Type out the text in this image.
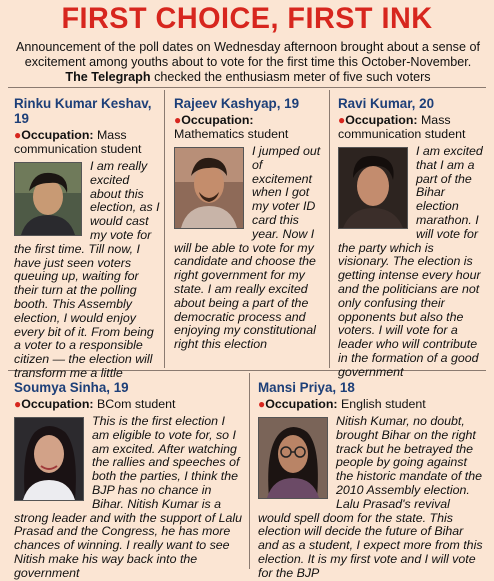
FIRST CHOICE, FIRST INK
Announcement of the poll dates on Wednesday afternoon brought about a sense of excitement among youths about to vote for the first time this October-November. The Telegraph checked the enthusiasm meter of five such voters

Rinku Kumar Keshav, 19

●Occupation: Mass communication student
I am really excited about this election, as I would cast my vote for the first time. Till now, I have just seen voters queuing up, waiting for their turn at the polling booth. This Assembly election, I would enjoy every bit of it. From being a voter to a responsible citizen — the election will transform me a little

Rajeev Kashyap, 19

●Occupation: Mathematics student
I jumped out of excitement when I got my voter ID card this year. Now I will be able to vote for my candidate and choose the right government for my state. I am really excited about being a part of the democratic process and enjoying my constitutional right this election

Ravi Kumar, 20

●Occupation: Mass communication student
I am excited that I am a part of the Bihar election marathon. I will vote for the party which is visionary. The election is getting intense every hour and the politicians are not only confusing their opponents but also the voters. I will vote for a leader who will contribute in the formation of a good government

Soumya Sinha, 19

●Occupation: BCom student
This is the first election I am eligible to vote for, so I am excited. After watching the rallies and speeches of both the parties, I think the BJP has no chance in Bihar. Nitish Kumar is a strong leader and with the support of Lalu Prasad and the Congress, he has more chances of winning. I really want to see Nitish make his way back into the government

Mansi Priya, 18

●Occupation: English student
Nitish Kumar, no doubt, brought Bihar on the right track but he betrayed the people by going against the historic mandate of the 2010 Assembly election. Lalu Prasad's revival would spell doom for the state. This election will decide the future of Bihar and as a student, I expect more from this election. It is my first vote and I will vote for the BJP
